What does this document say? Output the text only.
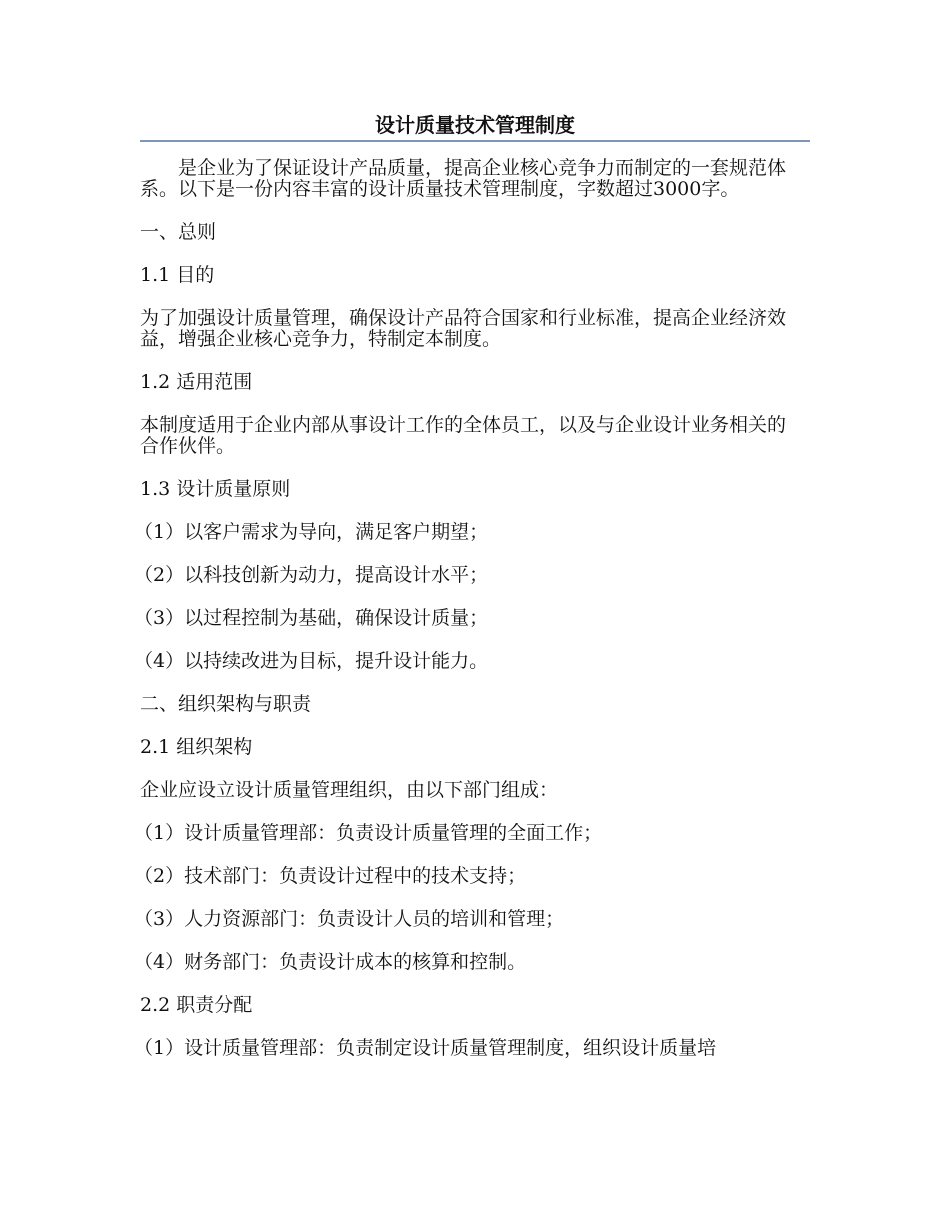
设计质量技术管理制度

是企业为了保证设计产品质量，提高企业核心竞争力而制定的一套规范体系。以下是一份内容丰富的设计质量技术管理制度，字数超过3000字。

一、总则

1.1 目的

为了加强设计质量管理，确保设计产品符合国家和行业标准，提高企业经济效益，增强企业核心竞争力，特制定本制度。

1.2 适用范围

本制度适用于企业内部从事设计工作的全体员工，以及与企业设计业务相关的合作伙伴。

1.3 设计质量原则

（1）以客户需求为导向，满足客户期望；

（2）以科技创新为动力，提高设计水平；

（3）以过程控制为基础，确保设计质量；

（4）以持续改进为目标，提升设计能力。

二、组织架构与职责

2.1 组织架构

企业应设立设计质量管理组织，由以下部门组成：

（1）设计质量管理部：负责设计质量管理的全面工作；

（2）技术部门：负责设计过程中的技术支持；

（3）人力资源部门：负责设计人员的培训和管理；

（4）财务部门：负责设计成本的核算和控制。

2.2 职责分配

（1）设计质量管理部：负责制定设计质量管理制度，组织设计质量培
